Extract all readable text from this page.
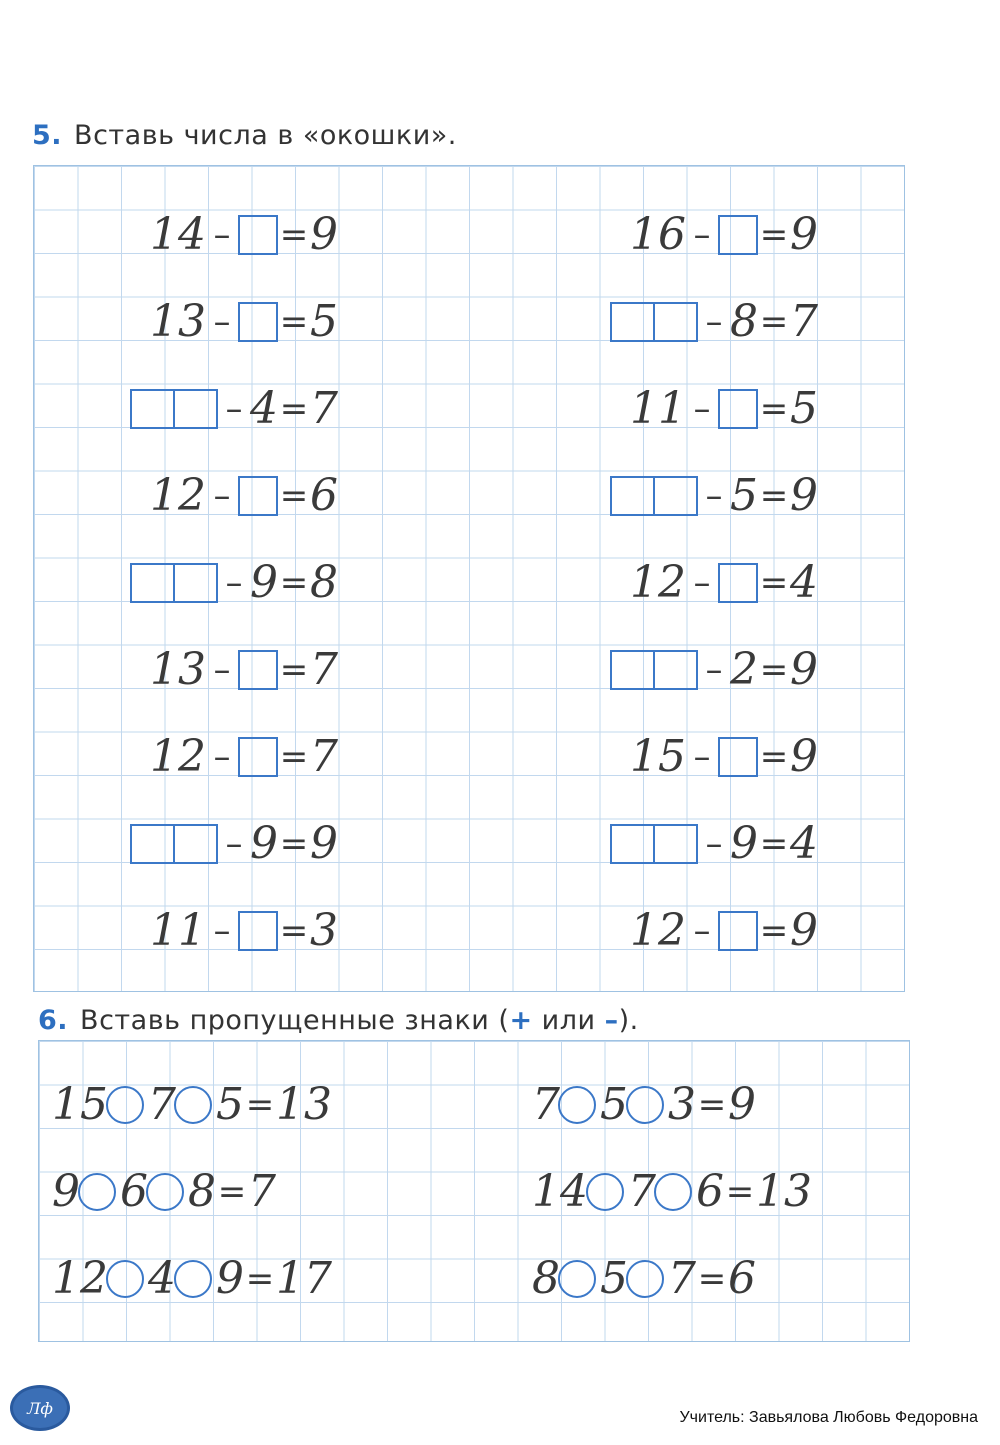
5. Вставь числа в «окошки».
6. Вставь пропущенные знаки (+ или –).
Лф	Учитель: Завьялова Любовь Федоровна
1 4 – = 9
1 3 – = 5
– 4 = 7
1 2 – = 6
– 9 = 8
1 3 – = 7
1 2 – = 7
– 9 = 9
1 1 – = 3
1 6 – = 9
– 8 = 7
1 1 – = 5
– 5 = 9
1 2 – = 4
– 2 = 9
1 5 – = 9
– 9 = 4
1 2 – = 9
1 5 7 5 = 1 3
9 6 8 = 7
1 2 4 9 = 1 7
7 5 3 = 9
1 4 7 6 = 1 3
8 5 7 = 6
